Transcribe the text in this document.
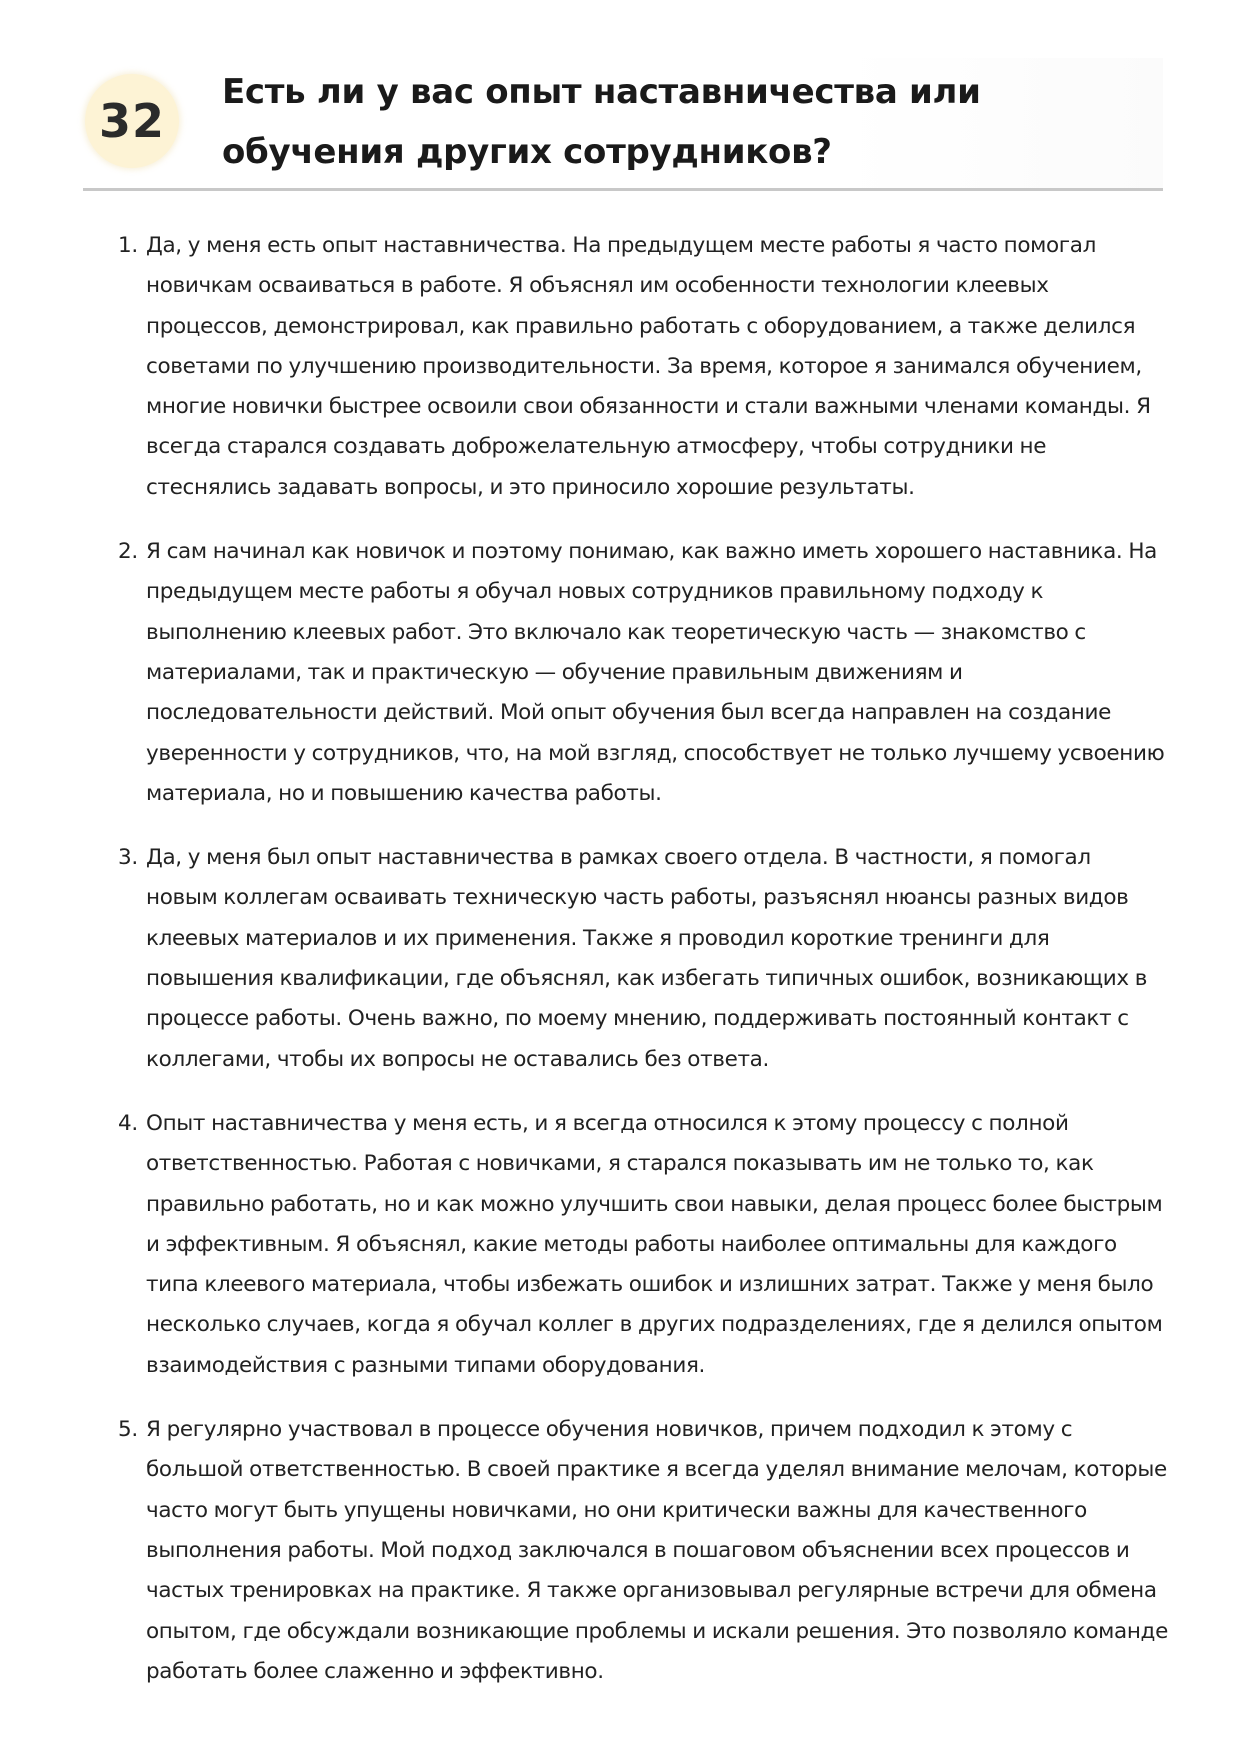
32
Есть ли у вас опыт наставничества или обучения других сотрудников?
1. Да, у меня есть опыт наставничества. На предыдущем месте работы я часто помогал новичкам осваиваться в работе. Я объяснял им особенности технологии клеевых процессов, демонстрировал, как правильно работать с оборудованием, а также делился советами по улучшению производительности. За время, которое я занимался обучением, многие новички быстрее освоили свои обязанности и стали важными членами команды. Я всегда старался создавать доброжелательную атмосферу, чтобы сотрудники не стеснялись задавать вопросы, и это приносило хорошие результаты.
2. Я сам начинал как новичок и поэтому понимаю, как важно иметь хорошего наставника. На предыдущем месте работы я обучал новых сотрудников правильному подходу к выполнению клеевых работ. Это включало как теоретическую часть — знакомство с материалами, так и практическую — обучение правильным движениям и последовательности действий. Мой опыт обучения был всегда направлен на создание уверенности у сотрудников, что, на мой взгляд, способствует не только лучшему усвоению материала, но и повышению качества работы.
3. Да, у меня был опыт наставничества в рамках своего отдела. В частности, я помогал новым коллегам осваивать техническую часть работы, разъяснял нюансы разных видов клеевых материалов и их применения. Также я проводил короткие тренинги для повышения квалификации, где объяснял, как избегать типичных ошибок, возникающих в процессе работы. Очень важно, по моему мнению, поддерживать постоянный контакт с коллегами, чтобы их вопросы не оставались без ответа.
4. Опыт наставничества у меня есть, и я всегда относился к этому процессу с полной ответственностью. Работая с новичками, я старался показывать им не только то, как правильно работать, но и как можно улучшить свои навыки, делая процесс более быстрым и эффективным. Я объяснял, какие методы работы наиболее оптимальны для каждого типа клеевого материала, чтобы избежать ошибок и излишних затрат. Также у меня было несколько случаев, когда я обучал коллег в других подразделениях, где я делился опытом взаимодействия с разными типами оборудования.
5. Я регулярно участвовал в процессе обучения новичков, причем подходил к этому с большой ответственностью. В своей практике я всегда уделял внимание мелочам, которые часто могут быть упущены новичками, но они критически важны для качественного выполнения работы. Мой подход заключался в пошаговом объяснении всех процессов и частых тренировках на практике. Я также организовывал регулярные встречи для обмена опытом, где обсуждали возникающие проблемы и искали решения. Это позволяло команде работать более слаженно и эффективно.
